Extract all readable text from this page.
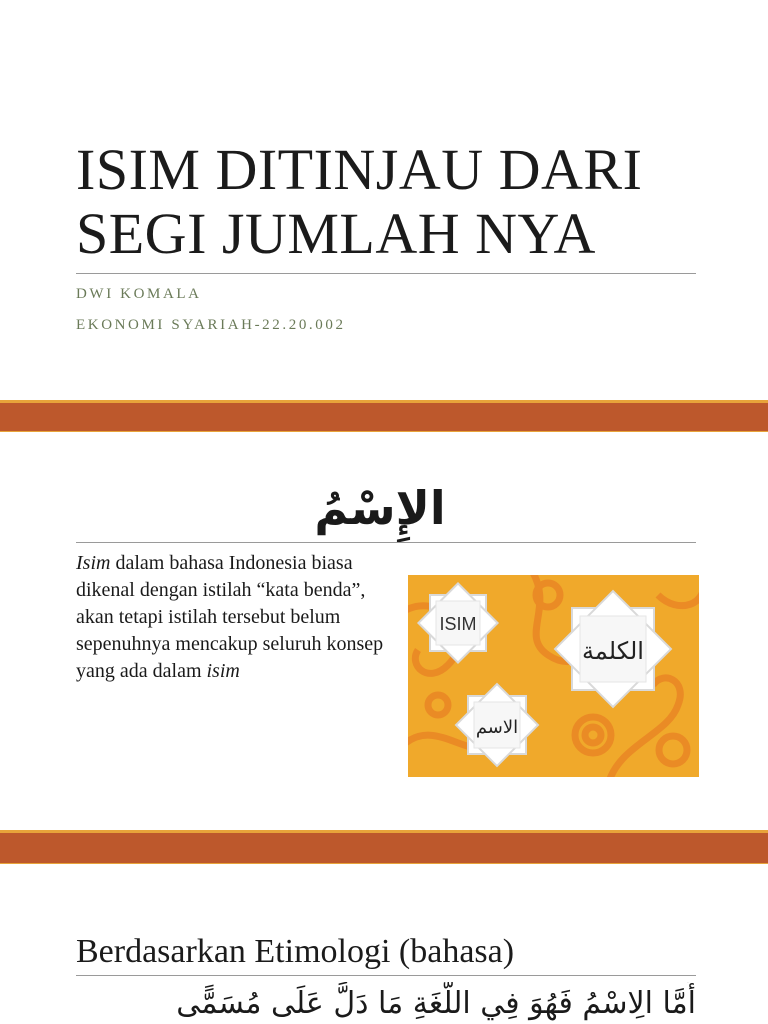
ISIM DITINJAU DARI
SEGI JUMLAH NYA

DWI KOMALA

EKONOMI SYARIAH-22.20.002

الإِسْمُ

Isim dalam bahasa Indonesia biasa dikenal dengan istilah “kata benda”, akan tetapi istilah tersebut belum sepenuhnya mencakup seluruh konsep yang ada dalam isim

ISIM
الكلمة
الاسم
Berdasarkan Etimologi (bahasa)
أَمَّا الِاسْمُ فَهُوَ فِي اللُّغَةِ مَا دَلَّ عَلَى مُسَمًّى
